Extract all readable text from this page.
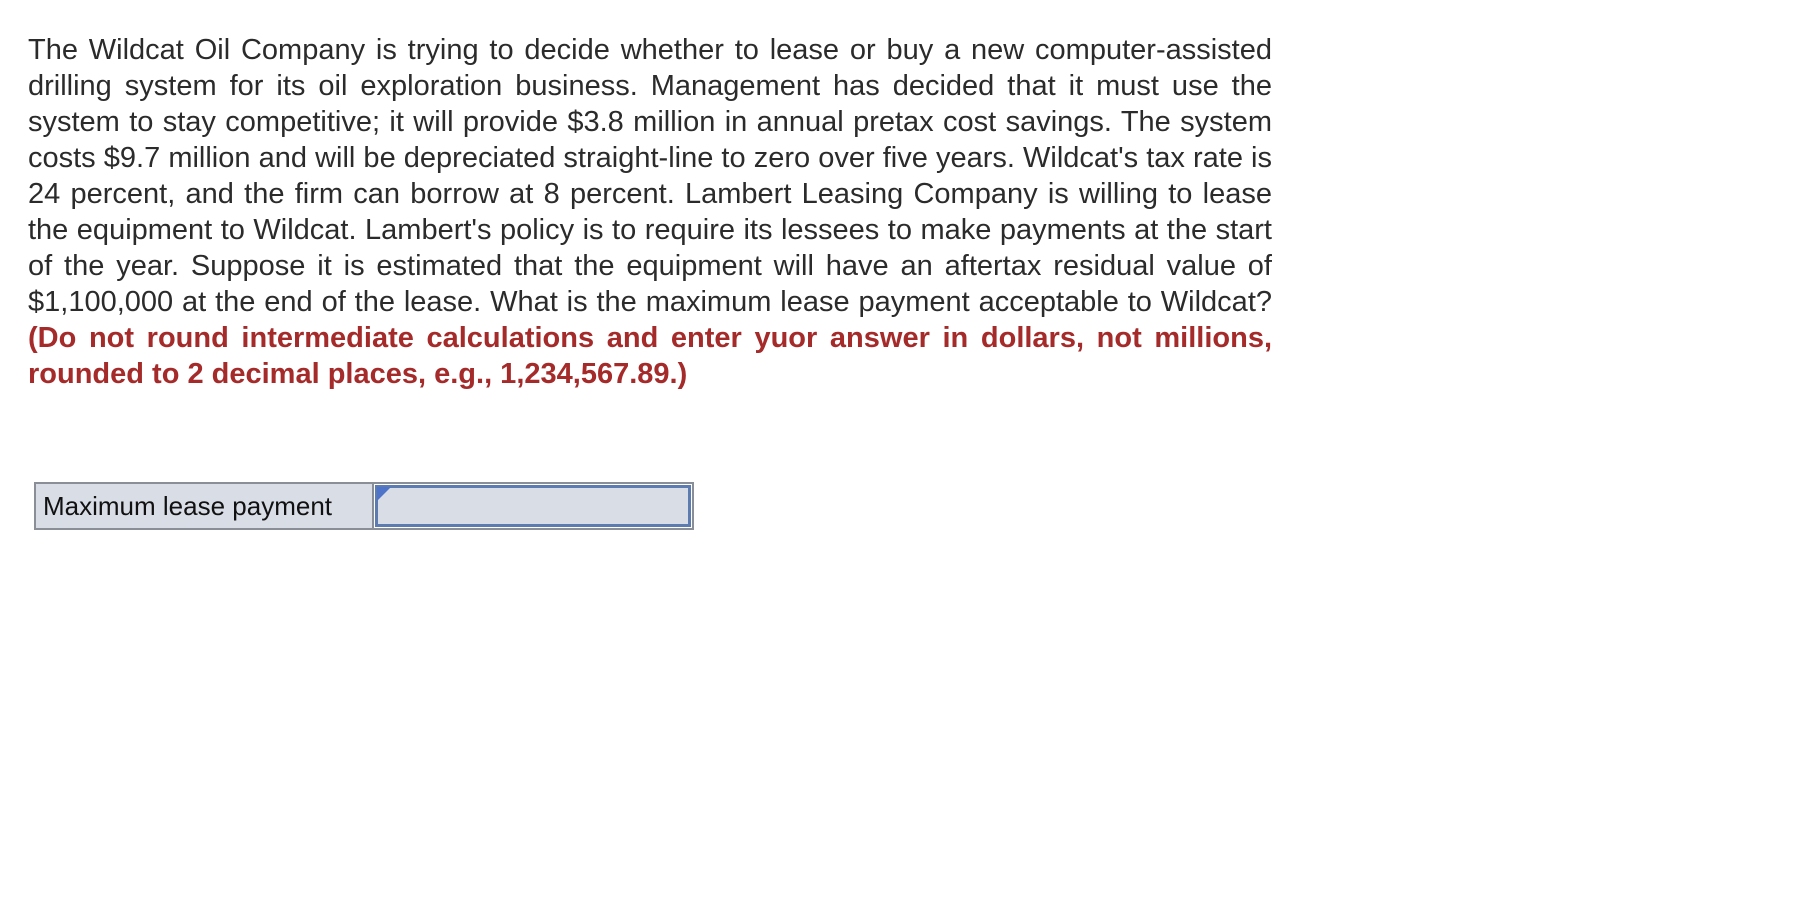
The Wildcat Oil Company is trying to decide whether to lease or buy a new computer-assisted drilling system for its oil exploration business. Management has decided that it must use the system to stay competitive; it will provide $3.8 million in annual pretax cost savings. The system costs $9.7 million and will be depreciated straight-line to zero over five years. Wildcat's tax rate is 24 percent, and the firm can borrow at 8 percent. Lambert Leasing Company is willing to lease the equipment to Wildcat. Lambert's policy is to require its lessees to make payments at the start of the year. Suppose it is estimated that the equipment will have an aftertax residual value of $1,100,000 at the end of the lease. What is the maximum lease payment acceptable to Wildcat? (Do not round intermediate calculations and enter yuor answer in dollars, not millions, rounded to 2 decimal places, e.g., 1,234,567.89.)
Maximum lease payment
